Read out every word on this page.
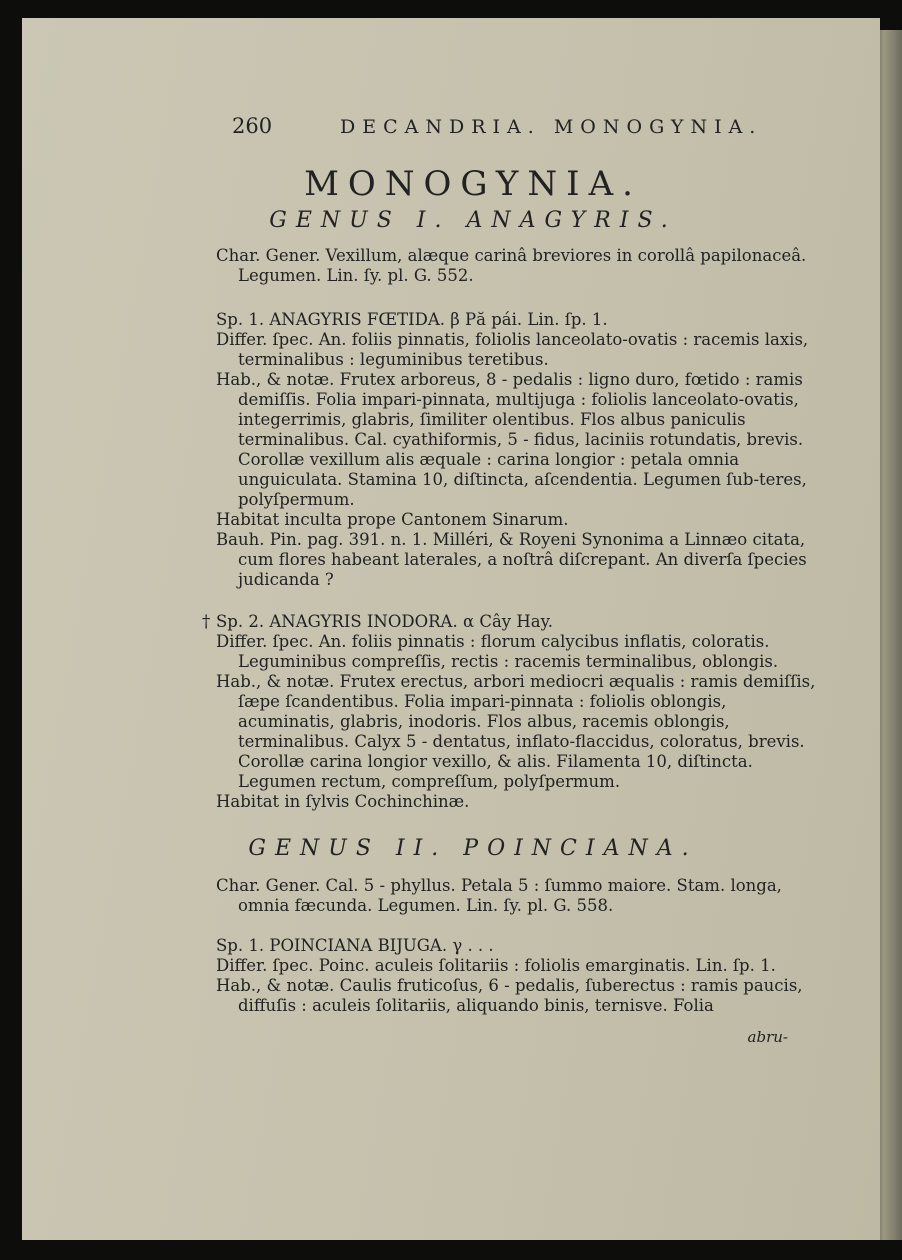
260	DECANDRIA. MONOGYNIA.
MONOGYNIA.
GENUS I. ANAGYRIS.

Char. Gener. Vexillum, alæque carinâ breviores in corollâ papilonaceâ. Legumen. Lin. ſy. pl. G. 552.

Sp. 1. ANAGYRIS FŒTIDA. β Pă pái. Lin. ſp. 1.

Differ. ſpec. An. foliis pinnatis, foliolis lanceolato-ovatis : racemis laxis, terminalibus : leguminibus teretibus.

Hab., & notæ. Frutex arboreus, 8 - pedalis : ligno duro, fœtido : ramis demiſſis. Folia impari-pinnata, multijuga : foliolis lanceolato-ovatis, integerrimis, glabris, ſimiliter olentibus. Flos albus paniculis terminalibus. Cal. cyathiformis, 5 - fidus, laciniis rotundatis, brevis. Corollæ vexillum alis æquale : carina longior : petala omnia unguiculata. Stamina 10, diſtincta, aſcendentia. Legumen ſub-teres, polyſpermum.

Habitat inculta prope Cantonem Sinarum.

Bauh. Pin. pag. 391. n. 1. Milléri, & Royeni Synonima a Linnæo citata, cum flores habeant laterales, a noſtrâ diſcrepant. An diverſa ſpecies judicanda ?

† Sp. 2. ANAGYRIS INODORA. α Cây Hay.

Differ. ſpec. An. foliis pinnatis : florum calycibus inflatis, coloratis. Leguminibus compreſſis, rectis : racemis terminalibus, oblongis.

Hab., & notæ. Frutex erectus, arbori mediocri æqualis : ramis demiſſis, ſæpe ſcandentibus. Folia impari-pinnata : foliolis oblongis, acuminatis, glabris, inodoris. Flos albus, racemis oblongis, terminalibus. Calyx 5 - dentatus, inflato-flaccidus, coloratus, brevis. Corollæ carina longior vexillo, & alis. Filamenta 10, diſtincta. Legumen rectum, compreſſum, polyſpermum.

Habitat in ſylvis Cochinchinæ.

GENUS II. POINCIANA.

Char. Gener. Cal. 5 - phyllus. Petala 5 : ſummo maiore. Stam. longa, omnia fæcunda. Legumen. Lin. ſy. pl. G. 558.

Sp. 1. POINCIANA BIJUGA. γ . . .

Differ. ſpec. Poinc. aculeis ſolitariis : foliolis emarginatis. Lin. ſp. 1.

Hab., & notæ. Caulis fruticoſus, 6 - pedalis, ſuberectus : ramis paucis, diffuſis : aculeis ſolitariis, aliquando binis, ternisve. Folia

abru-
